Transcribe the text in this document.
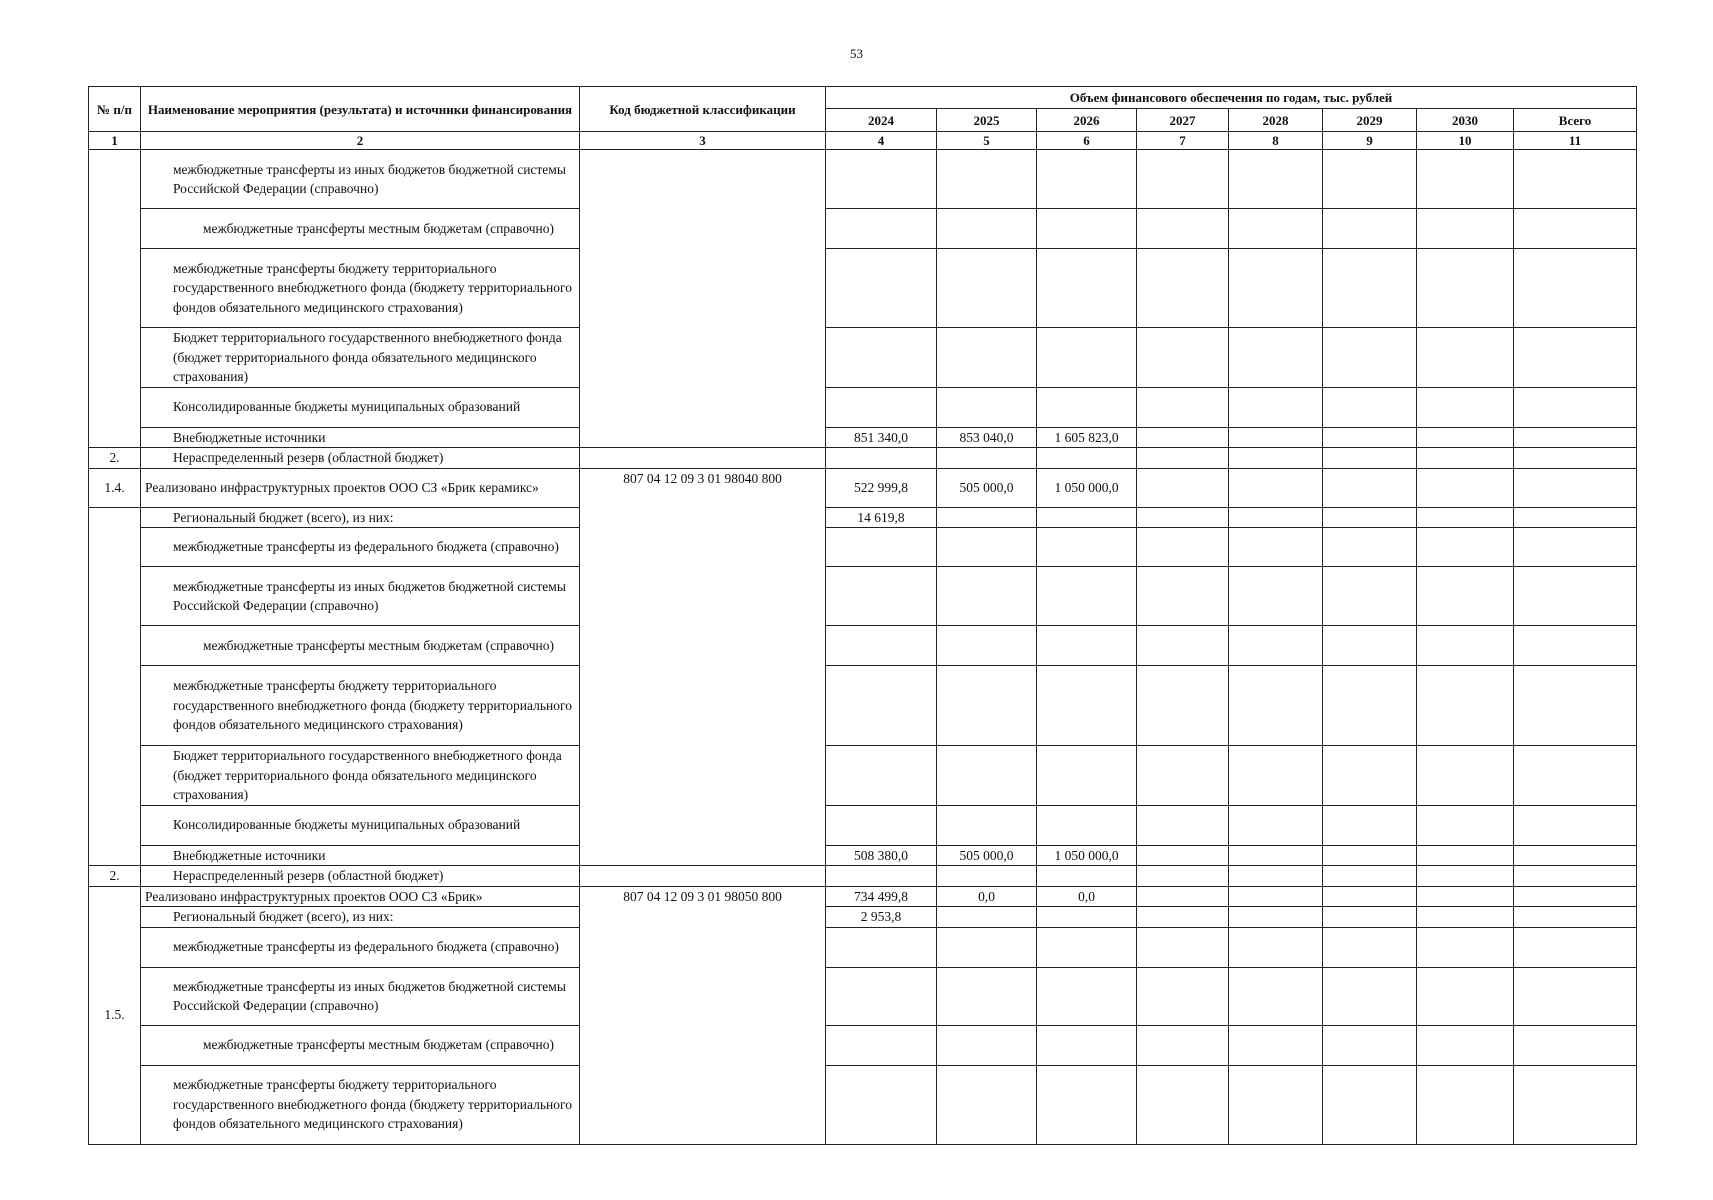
53
№ п/п	Наименование мероприятия (результата) и источники финансирования	Код бюджетной классификации	Объем финансового обеспечения по годам, тыс. рублей							
			2024	2025	2026	2027	2028	2029	2030	Всего
1	2	3	4	5	6	7	8	9	10	11
	межбюджетные трансферты из иных бюджетов бюджетной системы Российской Федерации (справочно)									
	межбюджетные трансферты местным бюджетам (справочно)									
	межбюджетные трансферты бюджету территориального государственного внебюджетного фонда (бюджету территориального фондов обязательного медицинского страхования)									
	Бюджет территориального государственного внебюджетного фонда (бюджет территориального фонда обязательного медицинского страхования)									
	Консолидированные бюджеты муниципальных образований									
	Внебюджетные источники		851 340,0	853 040,0	1 605 823,0					
2.	Нераспределенный резерв (областной бюджет)									
1.4.	Реализовано инфраструктурных проектов ООО СЗ «Брик керамикс»	807 04 12 09 3 01 98040 800	522 999,8	505 000,0	1 050 000,0					
	Региональный бюджет (всего), из них:		14 619,8							
	межбюджетные трансферты из федерального бюджета (справочно)									
	межбюджетные трансферты из иных бюджетов бюджетной системы Российской Федерации (справочно)									
	межбюджетные трансферты местным бюджетам (справочно)									
	межбюджетные трансферты бюджету территориального государственного внебюджетного фонда (бюджету территориального фондов обязательного медицинского страхования)									
	Бюджет территориального государственного внебюджетного фонда (бюджет территориального фонда обязательного медицинского страхования)									
	Консолидированные бюджеты муниципальных образований									
	Внебюджетные источники		508 380,0	505 000,0	1 050 000,0					
2.	Нераспределенный резерв (областной бюджет)									
1.5.	Реализовано инфраструктурных проектов ООО СЗ «Брик»	807 04 12 09 3 01 98050 800	734 499,8	0,0	0,0					
	Региональный бюджет (всего), из них:		2 953,8							
	межбюджетные трансферты из федерального бюджета (справочно)									
	межбюджетные трансферты из иных бюджетов бюджетной системы Российской Федерации (справочно)									
	межбюджетные трансферты местным бюджетам (справочно)									
	межбюджетные трансферты бюджету территориального государственного внебюджетного фонда (бюджету территориального фондов обязательного медицинского страхования)									
